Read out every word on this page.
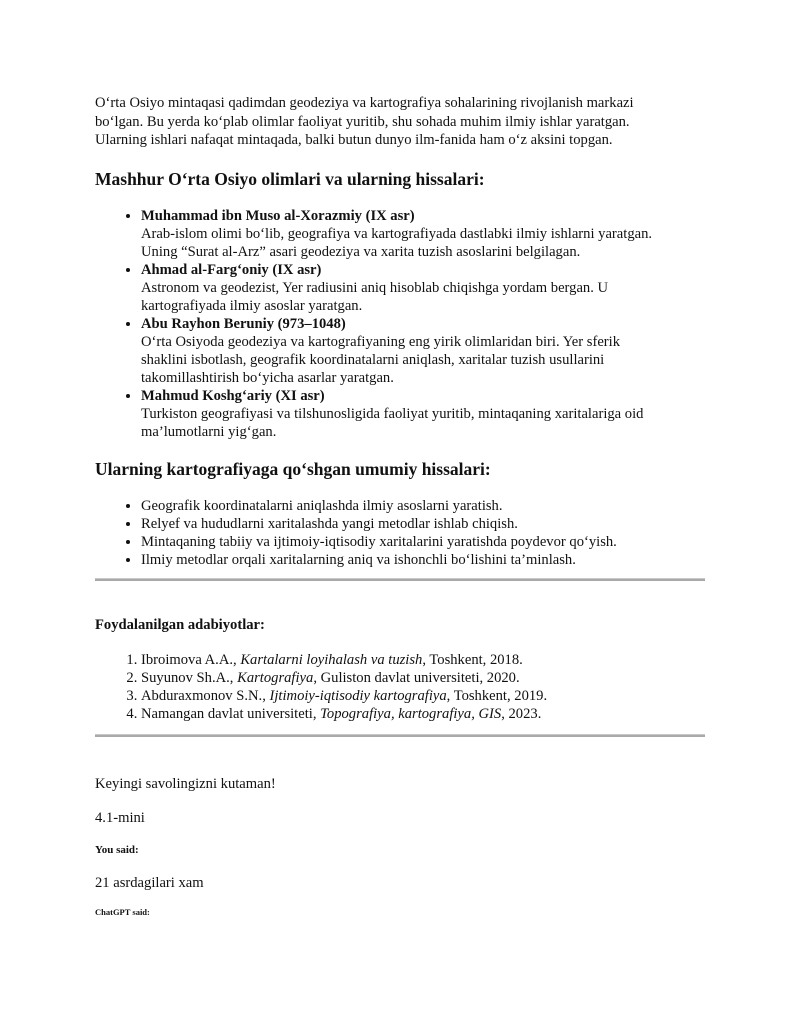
O‘rta Osiyo mintaqasi qadimdan geodeziya va kartografiya sohalarining rivojlanish markazi
bo‘lgan. Bu yerda ko‘plab olimlar faoliyat yuritib, shu sohada muhim ilmiy ishlar yaratgan.
Ularning ishlari nafaqat mintaqada, balki butun dunyo ilm-fanida ham o‘z aksini topgan.

Mashhur O‘rta Osiyo olimlari va ularning hissalari:
• Muhammad ibn Muso al-Xorazmiy (IX asr)
Arab-islom olimi bo‘lib, geografiya va kartografiyada dastlabki ilmiy ishlarni yaratgan.
Uning “Surat al-Arz” asari geodeziya va xarita tuzish asoslarini belgilagan.
• Ahmad al-Farg‘oniy (IX asr)
Astronom va geodezist, Yer radiusini aniq hisoblab chiqishga yordam bergan. U
kartografiyada ilmiy asoslar yaratgan.
• Abu Rayhon Beruniy (973–1048)
O‘rta Osiyoda geodeziya va kartografiyaning eng yirik olimlaridan biri. Yer sferik
shaklini isbotlash, geografik koordinatalarni aniqlash, xaritalar tuzish usullarini
takomillashtirish bo‘yicha asarlar yaratgan.
• Mahmud Koshg‘ariy (XI asr)
Turkiston geografiyasi va tilshunosligida faoliyat yuritib, mintaqaning xaritalariga oid
ma’lumotlarni yig‘gan.
Ularning kartografiyaga qo‘shgan umumiy hissalari:
• Geografik koordinatalarni aniqlashda ilmiy asoslarni yaratish.
• Relyef va hududlarni xaritalashda yangi metodlar ishlab chiqish.
• Mintaqaning tabiiy va ijtimoiy-iqtisodiy xaritalarini yaratishda poydevor qo‘yish.
• Ilmiy metodlar orqali xaritalarning aniq va ishonchli bo‘lishini ta’minlash.

Foydalanilgan adabiyotlar:

1. Ibroimova A.A., Kartalarni loyihalash va tuzish, Toshkent, 2018.
2. Suyunov Sh.A., Kartografiya, Guliston davlat universiteti, 2020.
3. Abduraxmonov S.N., Ijtimoiy-iqtisodiy kartografiya, Toshkent, 2019.
4. Namangan davlat universiteti, Topografiya, kartografiya, GIS, 2023.

Keyingi savolingizni kutaman!

4.1-mini

You said:

21 asrdagilari xam

ChatGPT said:
